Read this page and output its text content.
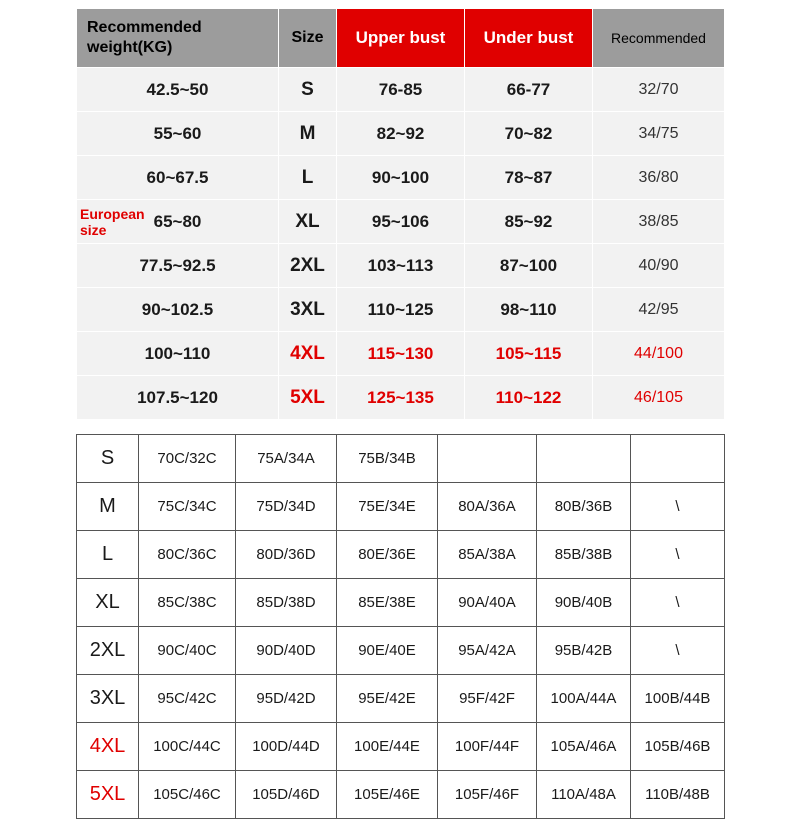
Recommended weight(KG)	Size	Upper bust	Under bust	Recommended
42.5~50	S	76-85	66-77	32/70
55~60	M	82~92	70~82	34/75
60~67.5	L	90~100	78~87	36/80
65~80	XL	95~106	85~92	38/85
77.5~92.5	2XL	103~113	87~100	40/90
90~102.5	3XL	110~125	98~110	42/95
100~110	4XL	115~130	105~115	44/100
107.5~120	5XL	125~135	110~122	46/105
European size
S	70C/32C	75A/34A	75B/34B			
M	75C/34C	75D/34D	75E/34E	80A/36A	80B/36B	\
L	80C/36C	80D/36D	80E/36E	85A/38A	85B/38B	\
XL	85C/38C	85D/38D	85E/38E	90A/40A	90B/40B	\
2XL	90C/40C	90D/40D	90E/40E	95A/42A	95B/42B	\
3XL	95C/42C	95D/42D	95E/42E	95F/42F	100A/44A	100B/44B
4XL	100C/44C	100D/44D	100E/44E	100F/44F	105A/46A	105B/46B
5XL	105C/46C	105D/46D	105E/46E	105F/46F	110A/48A	110B/48B
